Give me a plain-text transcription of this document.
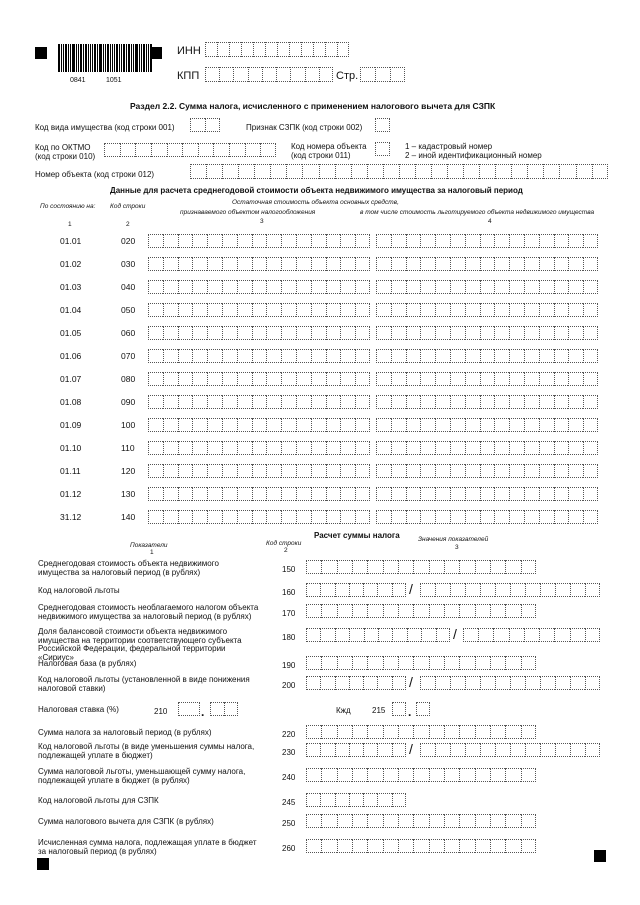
0841	1051
ИНН
КПП	Стр.
Раздел 2.2. Сумма налога, исчисленного с применением налогового вычета для СЗПК
Код вида имущества (код строки 001)	Признак СЗПК (код строки 002)
Код по ОКТМО
(код строки 010)
Код номера объекта
(код строки 011)
1 – кадастровый номер
2 – иной идентификационный номер
Номер объекта (код строки 012)
Данные для расчета среднегодовой стоимости объекта недвижимого имущества за налоговый период
По состоянию на: Код строки
Остаточная стоимость объекта основных средств,
признаваемого объектом налогообложения	в том числе стоимость льготируемого объекта недвижимого имущества
1	2	3	4
01.01	020
01.02	030
01.03	040
01.04	050
01.05	060
01.06	070
01.07	080
01.08	090
01.09	100
01.10	110
01.11	120
01.12	130
31.12	140
Расчет суммы налога
Показатели	Код строки
Значения показателей
1	2	3
Среднегодовая стоимость объекта недвижимого
имущества за налоговый период (в рублях)	150
Код налоговой льготы	160	/
Среднегодовая стоимость необлагаемого налогом объекта
недвижимого имущества за налоговый период (в рублях)	170
Доля балансовой стоимости объекта недвижимого
имущества на территории соответствующего субъекта
Российской Федерации, федеральной территории «Сириус»
180	/
Налоговая база (в рублях)	190
Код налоговой льготы (установленной в виде понижения
налоговой ставки)	200	/
Налоговая ставка (%)	210	.	Кжд	215 .
Сумма налога за налоговый период (в рублях)	220
Код налоговой льготы (в виде уменьшения суммы налога,
подлежащей уплате в бюджет)	230	/
Сумма налоговой льготы, уменьшающей сумму налога,
подлежащей уплате в бюджет (в рублях)	240
Код налоговой льготы для СЗПК	245
Сумма налогового вычета для СЗПК (в рублях)	250
Исчисленная сумма налога, подлежащая уплате в бюджет
за налоговый период (в рублях)	260
